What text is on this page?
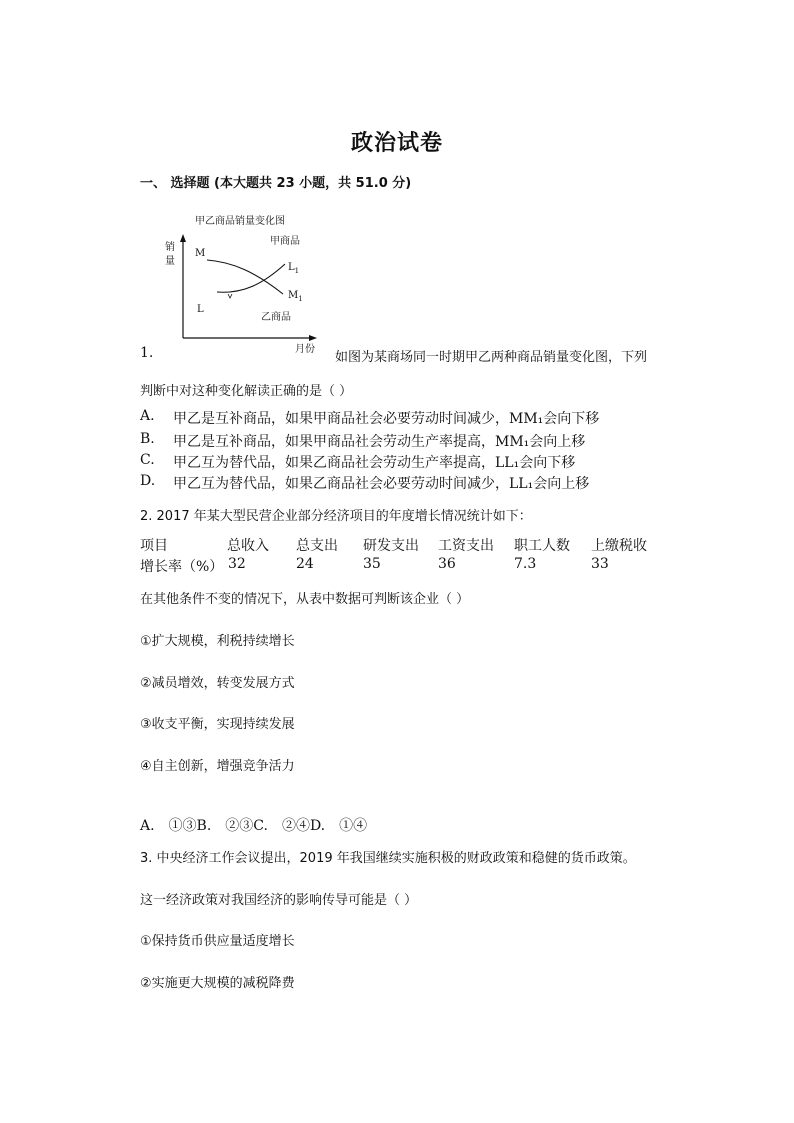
政治试卷
一、 选择题 (本大题共 23 小题，共 51.0 分)
甲乙商品销量变化图
销
量
月份
甲商品
乙商品
M
L
$L_1$
$M_1$
1.	如图为某商场同一时期甲乙两种商品销量变化图，下列
判断中对这种变化解读正确的是（ ）
A. 甲乙是互补商品，如果甲商品社会必要劳动时间减少，MM₁会向下移
B. 甲乙是互补商品，如果甲商品社会劳动生产率提高，MM₁会向上移
C. 甲乙互为替代品，如果乙商品社会劳动生产率提高，LL₁会向下移
D. 甲乙互为替代品，如果乙商品社会必要劳动时间减少，LL₁会向上移
2. 2017 年某大型民营企业部分经济项目的年度增长情况统计如下：
项目	总收入 总支出 研发支出 工资支出 职工人数 上缴税收
增长率（%） 32	24	35	36	7.3	33
在其他条件不变的情况下，从表中数据可判断该企业（ ）
①扩大规模，利税持续增长
②减员增效，转变发展方式
③收支平衡，实现持续发展
④自主创新，增强竞争活力
A.　①③B.　②③C.　②④D.　①④
3. 中央经济工作会议提出，2019 年我国继续实施积极的财政政策和稳健的货币政策。
这一经济政策对我国经济的影响传导可能是（ ）
①保持货币供应量适度增长
②实施更大规模的减税降费
